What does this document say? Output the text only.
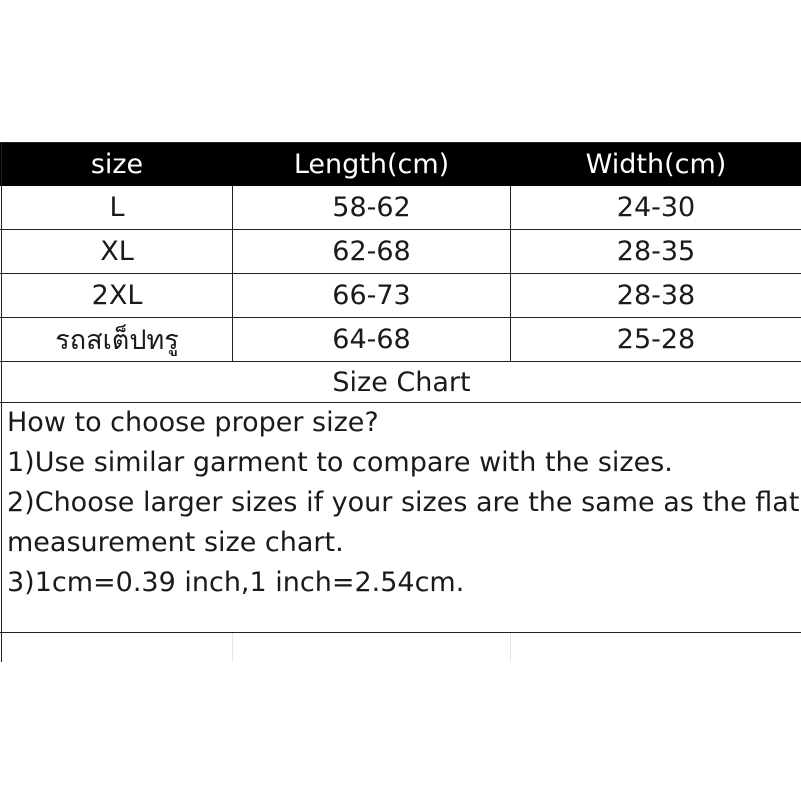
size	Length(cm)	Width(cm)
L	58-62	24-30
XL	62-68	28-35
2XL	66-73	28-38
รถสเต็ปทรู	64-68	25-28
Size Chart
How to choose proper size?
1)Use similar garment to compare with the sizes.
2)Choose larger sizes if your sizes are the same as the flat
measurement size chart.
3)1cm=0.39 inch,1 inch=2.54cm.
